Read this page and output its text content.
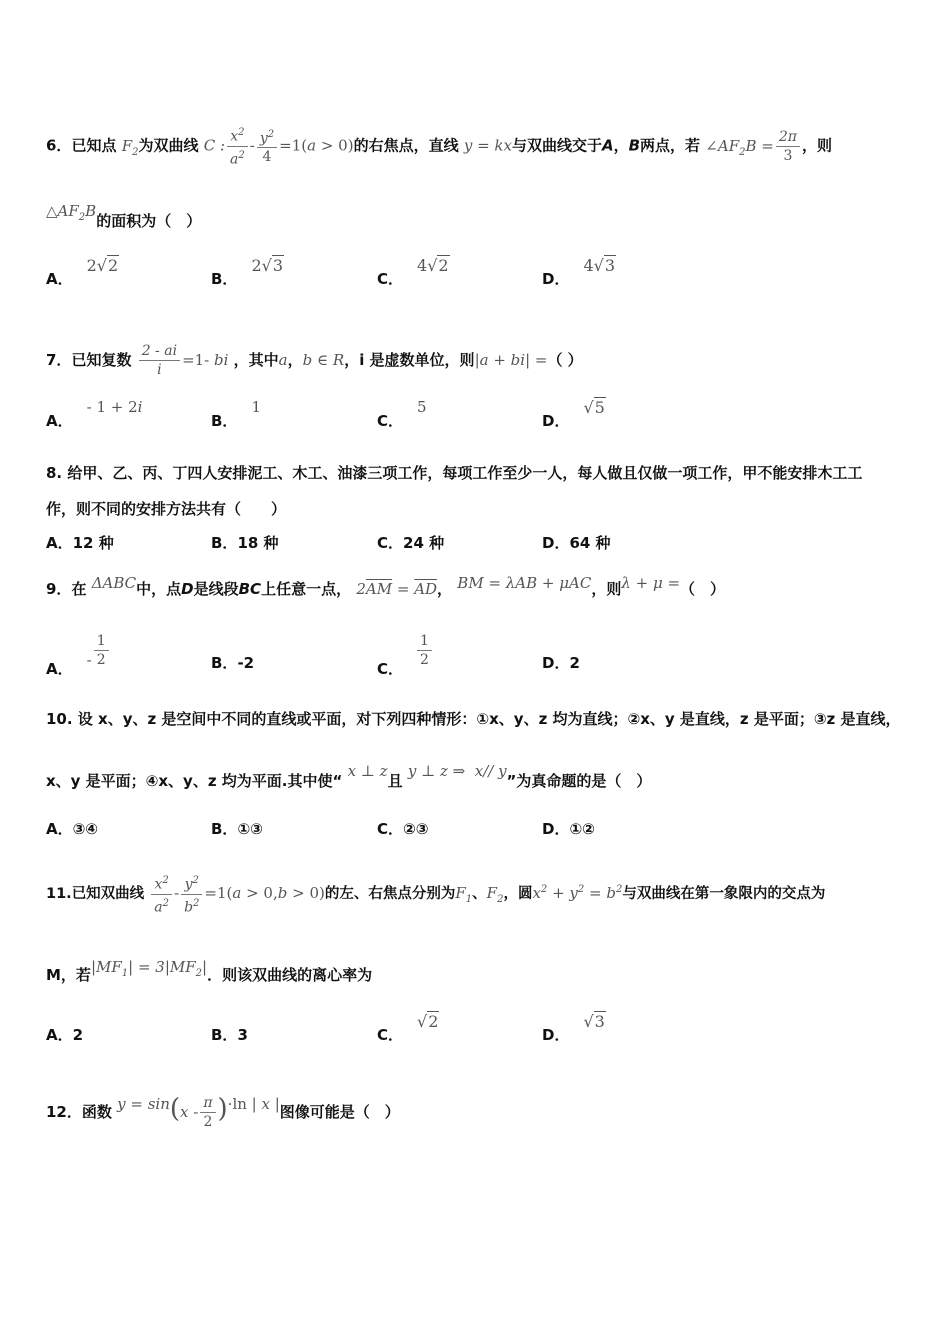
6．已知点 $F_2$为双曲线 C : $\frac{x^2}{a^2} - \frac{y^2}{4} =1(a > 0)$的右焦点，直线 y = kx与双曲线交于A，B两点，若 $\angle AF_2B = \frac{2\pi}{3}$ ，则
$\triangle AF_2B$的面积为（　）
A．2√2
B．2√3
C．4√2
D．4√3
7．已知复数 $\frac{2 - ai}{i} =1-$ bi ，其中a，b ∈ R，i 是虚数单位，则|a + bi| =（ ）
A．- 1 + 2i
B．1
C．5
D．√5
8. 给甲、乙、丙、丁四人安排泥工、木工、油漆三项工作，每项工作至少一人，每人做且仅做一项工作，甲不能安排木工工
作，则不同的安排方法共有（　　）
A．12 种	B．18 种	C．24 种	D．64 种
9．在 ΔABC中，点D是线段BC上任意一点， $2\overline{AM} = \overline{AD}$， BM = λAB + μAC，则λ + μ =（　）
A． - $\frac{1}{2}$	B．-2	C． $\frac{1}{2}$	D．2
10. 设 x、y、z 是空间中不同的直线或平面，对下列四种情形：①x、y、z 均为直线；②x、y 是直线，z 是平面；③z 是直线，
x、y 是平面；④x、y、z 均为平面.其中使“ x ⊥ z且 y ⊥ z ⇒  x// y”为真命题的是（　）
A．③④	B．①③	C．②③	D．①②
11.已知双曲线 $\frac{x^2}{a^2} - \frac{y^2}{b^2} =1(a > 0,b > 0)$的左、右焦点分别为$F_1$、$F_2$，圆$x^2 + y^2 = b^2$与双曲线在第一象限内的交点为
M，若$|MF_1| = 3|MF_2|$．则该双曲线的离心率为
A．2	B．3	C．√2
D．√3
12．函数 $y = \sin(x - \frac{\pi}{2} )\cdot\ln$ | x |图像可能是（　）
